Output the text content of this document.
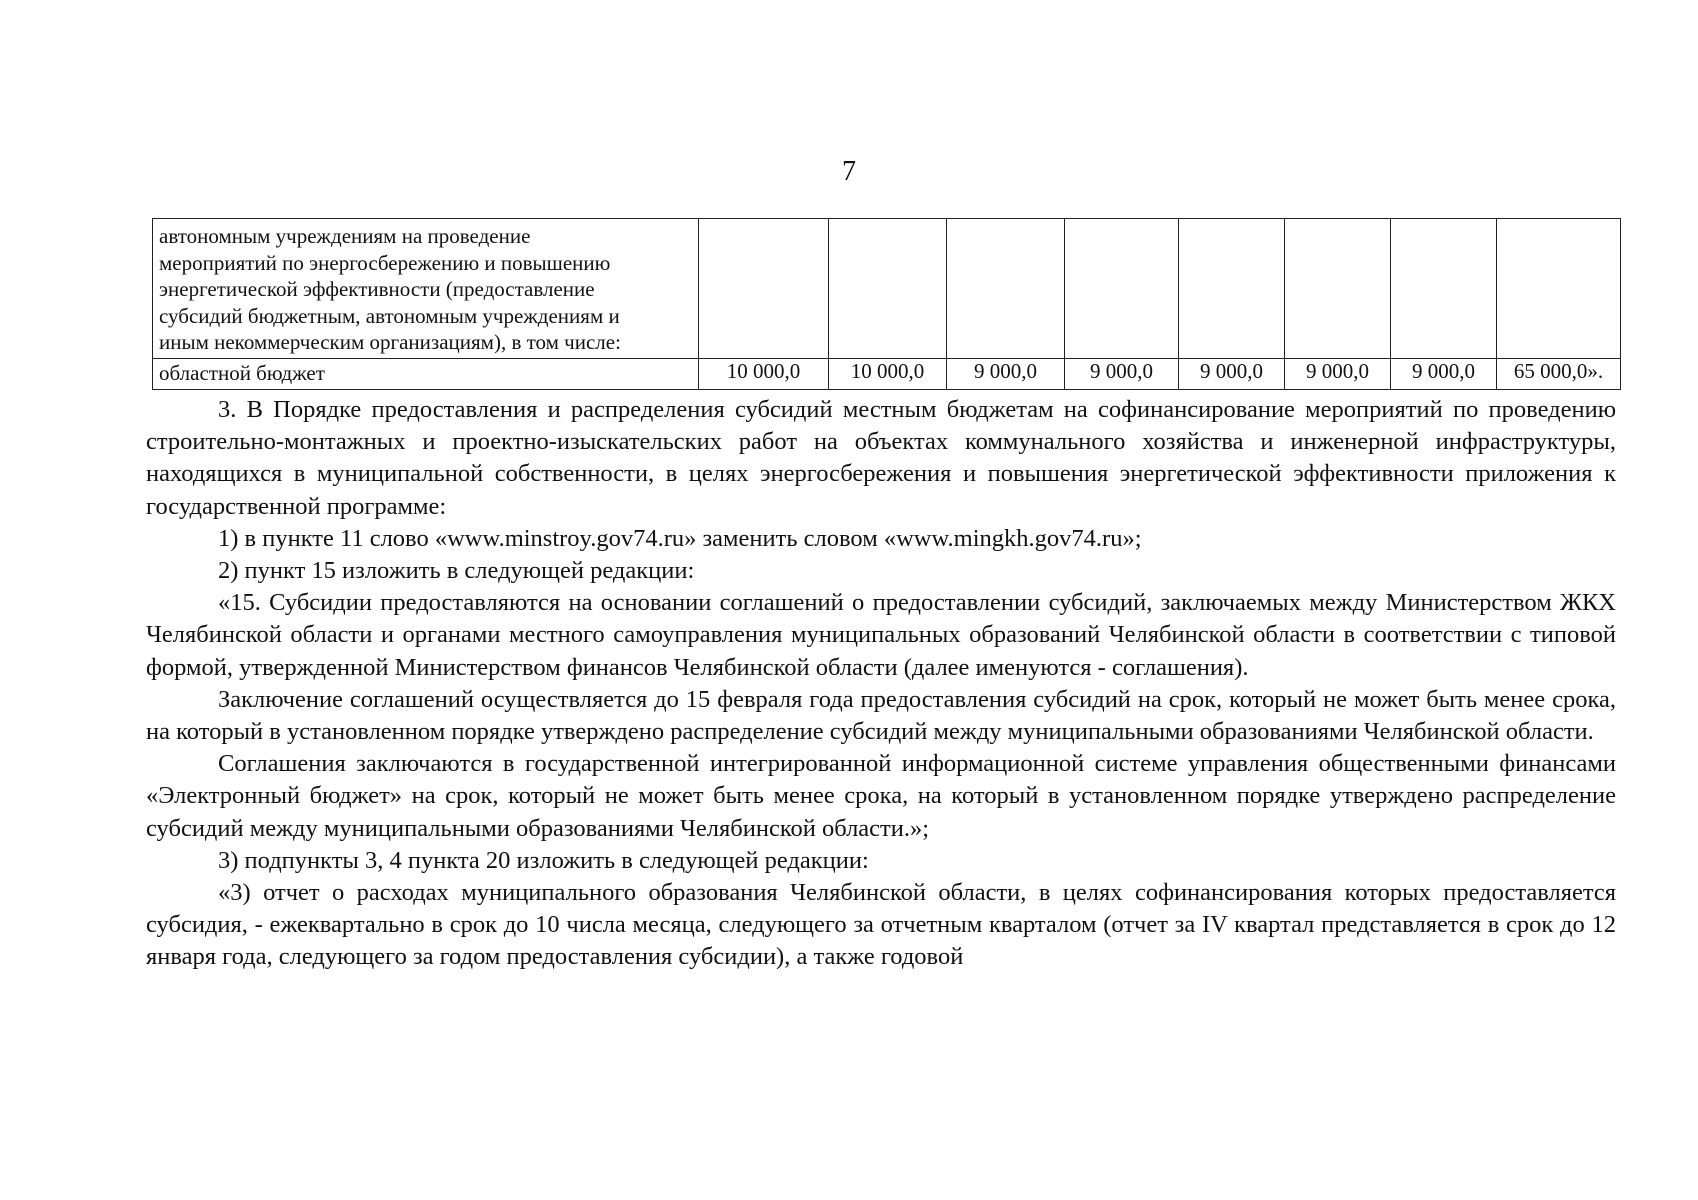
7
автономным учреждениям на проведение
мероприятий по энергосбережению и повышению
энергетической эффективности (предоставление
субсидий бюджетным, автономным учреждениям и
иным некоммерческим организациям), в том числе:								

областной бюджет	10 000,0	10 000,0	9 000,0	9 000,0	9 000,0	9 000,0	9 000,0	65 000,0».

3. В Порядке предоставления и распределения субсидий местным бюджетам на софинансирование мероприятий по проведению строительно-монтажных и проектно-изыскательских работ на объектах коммунального хозяйства и инженерной инфраструктуры, находящихся в муниципальной собственности, в целях энергосбережения и повышения энергетической эффективности приложения к государственной программе:

1) в пункте 11 слово «www.minstroy.gov74.ru» заменить словом «www.mingkh.gov74.ru»;

2) пункт 15 изложить в следующей редакции:

«15. Субсидии предоставляются на основании соглашений о предоставлении субсидий, заключаемых между Министерством ЖКХ Челябинской области и органами местного самоуправления муниципальных образований Челябинской области в соответствии с типовой формой, утвержденной Министерством финансов Челябинской области (далее именуются - соглашения).

Заключение соглашений осуществляется до 15 февраля года предоставления субсидий на срок, который не может быть менее срока, на который в установленном порядке утверждено распределение субсидий между муниципальными образованиями Челябинской области.

Соглашения заключаются в государственной интегрированной информационной системе управления общественными финансами «Электронный бюджет» на срок, который не может быть менее срока, на который в установленном порядке утверждено распределение субсидий между муниципальными образованиями Челябинской области.»;

3) подпункты 3, 4 пункта 20 изложить в следующей редакции:

«3) отчет о расходах муниципального образования Челябинской области, в целях софинансирования которых предоставляется субсидия, - ежеквартально в срок до 10 числа месяца, следующего за отчетным кварталом (отчет за IV квартал представляется в срок до 12 января года, следующего за годом предоставления субсидии), а также годовой
